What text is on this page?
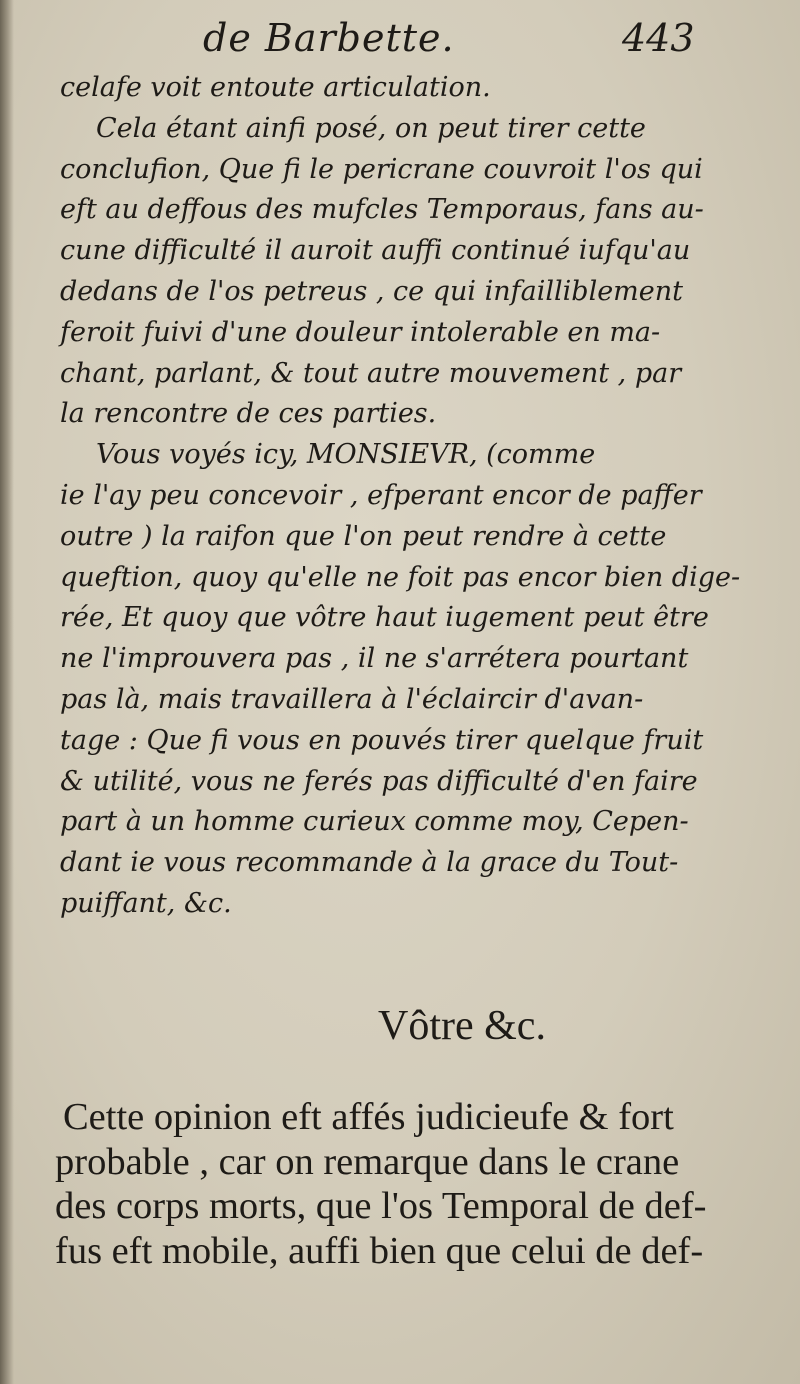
de Barbette.	443
celafe voit entoute articulation.
Cela étant ainfi posé, on peut tirer cette
conclufion, Que fi le pericrane couvroit l'os qui
eft au deffous des mufcles Temporaus, fans au-
cune difficulté il auroit auffi continué iufqu'au
dedans de l'os petreus , ce qui infailliblement
feroit fuivi d'une douleur intolerable en ma-
chant, parlant, & tout autre mouvement , par
la rencontre de ces parties.
Vous voyés icy, MONSIEVR, (comme
ie l'ay peu concevoir , efperant encor de paffer
outre ) la raifon que l'on peut rendre à cette
queftion, quoy qu'elle ne foit pas encor bien dige-
rée, Et quoy que vôtre haut iugement peut être
ne l'improuvera pas , il ne s'arrétera pourtant
pas là, mais travaillera à l'éclaircir d'avan-
tage : Que fi vous en pouvés tirer quelque fruit
& utilité, vous ne ferés pas difficulté d'en faire
part à un homme curieux comme moy, Cepen-
dant ie vous recommande à la grace du Tout-
puiffant, &c.
Vôtre &c.
Cette opinion eft affés judicieufe & fort
probable , car on remarque dans le crane
des corps morts, que l'os Temporal de def-
fus eft mobile, auffi bien que celui de def-
